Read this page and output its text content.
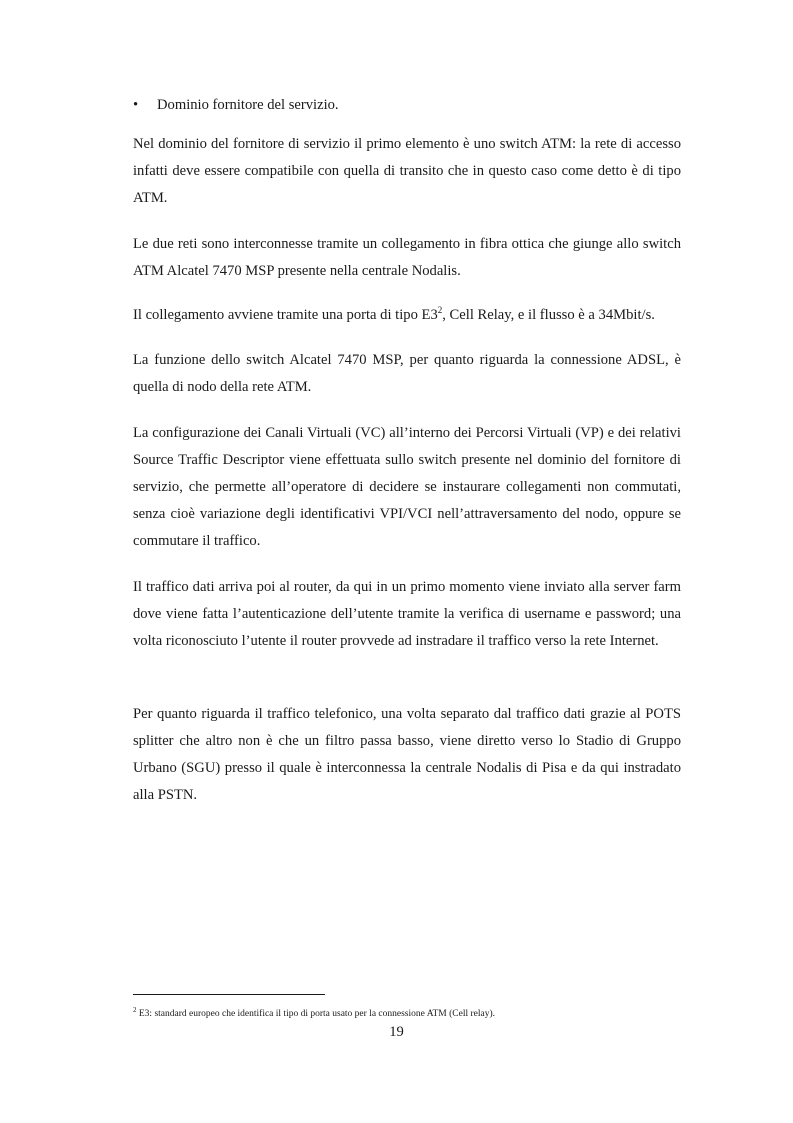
• Dominio fornitore del servizio.

Nel dominio del fornitore di servizio il primo elemento è uno switch ATM: la rete di accesso infatti deve essere compatibile con quella di transito che in questo caso come detto è di tipo ATM.

Le due reti sono interconnesse tramite un collegamento in fibra ottica che giunge allo switch ATM Alcatel 7470 MSP presente nella centrale Nodalis.

Il collegamento avviene tramite una porta di tipo $E3^2$, Cell Relay, e il flusso è a 34Mbit/s.

La funzione dello switch Alcatel 7470 MSP, per quanto riguarda la connessione ADSL, è quella di nodo della rete ATM.

La configurazione dei Canali Virtuali (VC) all’interno dei Percorsi Virtuali (VP) e dei relativi Source Traffic Descriptor viene effettuata sullo switch presente nel dominio del fornitore di servizio, che permette all’operatore di decidere se instaurare collegamenti non commutati, senza cioè variazione degli identificativi VPI/VCI nell’attraversamento del nodo, oppure se commutare il traffico.

Il traffico dati arriva poi al router, da qui in un primo momento viene inviato alla server farm dove viene fatta l’autenticazione dell’utente tramite la verifica di username e password; una volta riconosciuto l’utente il router provvede ad instradare il traffico verso la rete Internet.

Per quanto riguarda il traffico telefonico, una volta separato dal traffico dati grazie al POTS splitter che altro non è che un filtro passa basso, viene diretto verso lo Stadio di Gruppo Urbano (SGU) presso il quale è interconnessa la centrale Nodalis di Pisa e da qui instradato alla PSTN.

$^2$ E3: standard europeo che identifica il tipo di porta usato per la connessione ATM (Cell relay).
19
